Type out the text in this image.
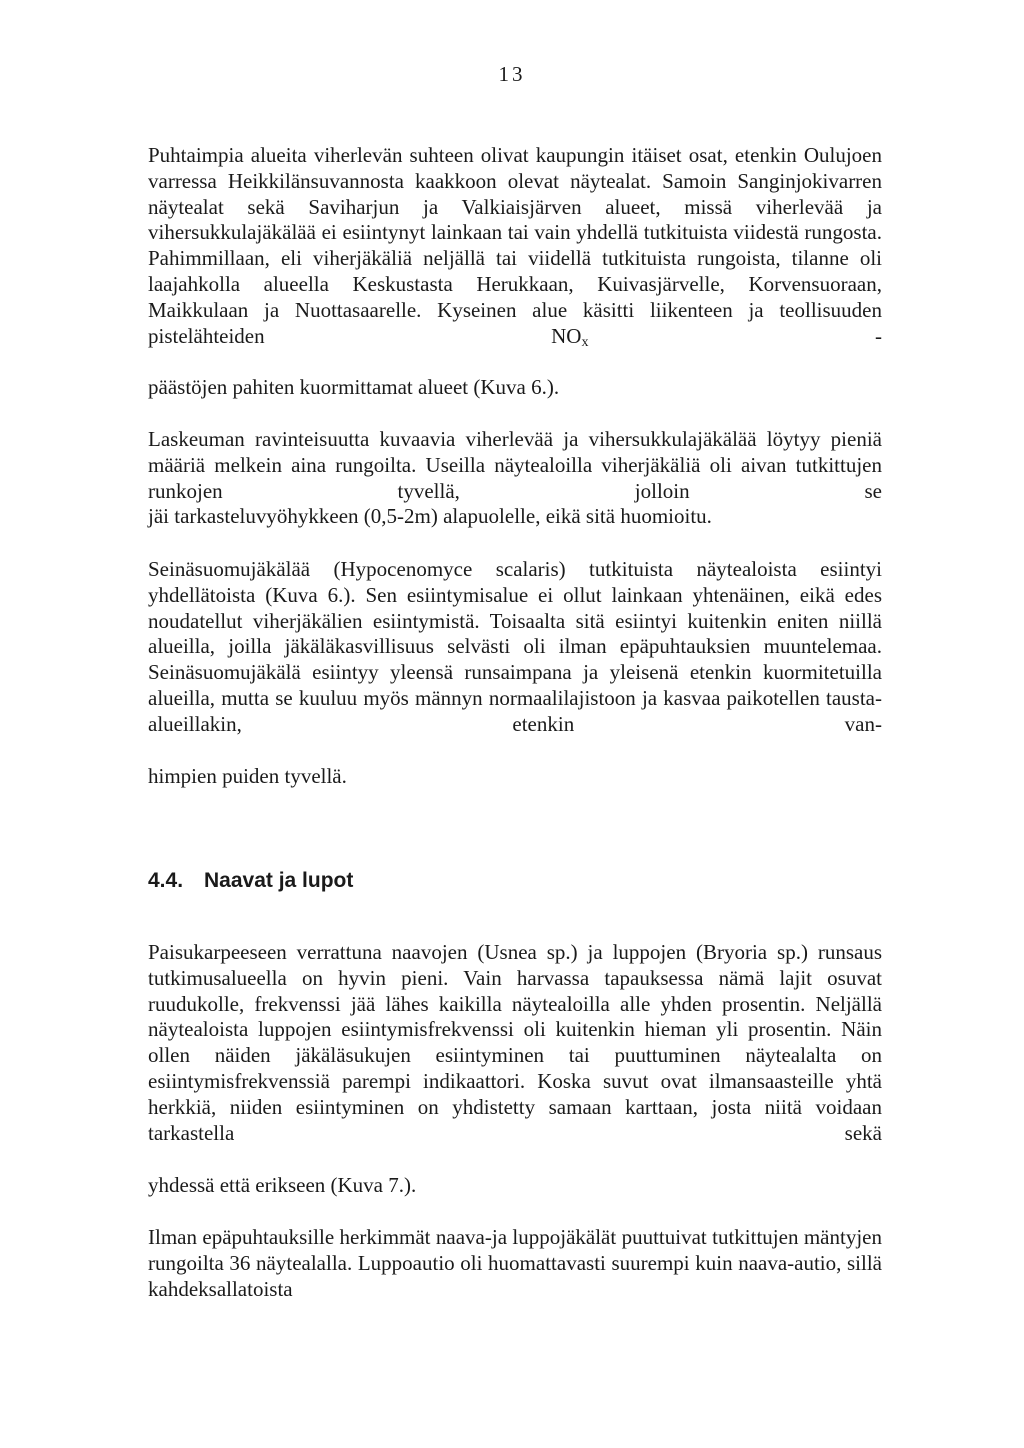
13

Puhtaimpia alueita viherlevän suhteen olivat kaupungin itäiset osat, etenkin Oulujoen varressa Heikkilänsuvannosta kaakkoon olevat näytealat. Samoin Sanginjokivarren näytealat sekä Saviharjun ja Valkiaisjärven alueet, missä viherlevää ja vihersukkulajäkälää ei esiintynyt lainkaan tai vain yhdellä tutkituista viidestä rungosta. Pahimmillaan, eli viherjäkäliä neljällä tai viidellä tutkituista rungoista, tilanne oli laajahkolla alueella Keskustasta Herukkaan, Kuivasjärvelle, Korvensuoraan, Maikkulaan ja Nuottasaarelle. Kyseinen alue käsitti liikenteen ja teollisuuden pistelähteiden $NO_x$ -

päästöjen pahiten kuormittamat alueet (Kuva 6.).

Laskeuman ravinteisuutta kuvaavia viherlevää ja vihersukkulajäkälää löytyy pieniä määriä melkein aina rungoilta. Useilla näytealoilla viherjäkäliä oli aivan tutkittujen runkojen tyvellä, jolloin se

jäi tarkasteluvyöhykkeen (0,5-2m) alapuolelle, eikä sitä huomioitu.

Seinäsuomujäkälää (Hypocenomyce scalaris) tutkituista näytealoista esiintyi yhdellätoista (Kuva 6.). Sen esiintymisalue ei ollut lainkaan yhtenäinen, eikä edes noudatellut viherjäkälien esiintymistä. Toisaalta sitä esiintyi kuitenkin eniten niillä alueilla, joilla jäkäläkasvillisuus selvästi oli ilman epäpuhtauksien muuntelemaa. Seinäsuomujäkälä esiintyy yleensä runsaimpana ja yleisenä etenkin kuormitetuilla alueilla, mutta se kuuluu myös männyn normaalilajistoon ja kasvaa paikotellen tausta-alueillakin, etenkin van-

himpien puiden tyvellä.

4.4. Naavat ja lupot

Paisukarpeeseen verrattuna naavojen (Usnea sp.) ja luppojen (Bryoria sp.) runsaus tutkimusalueella on hyvin pieni. Vain harvassa tapauksessa nämä lajit osuvat ruudukolle, frekvenssi jää lähes kaikilla näytealoilla alle yhden prosentin. Neljällä näytealoista luppojen esiintymisfrekvenssi oli kuitenkin hieman yli prosentin. Näin ollen näiden jäkäläsukujen esiintyminen tai puuttuminen näytealalta on esiintymisfrekvenssiä parempi indikaattori. Koska suvut ovat ilmansaasteille yhtä herkkiä, niiden esiintyminen on yhdistetty samaan karttaan, josta niitä voidaan tarkastella sekä

yhdessä että erikseen (Kuva 7.).

Ilman epäpuhtauksille herkimmät naava-ja luppojäkälät puuttuivat tutkittujen mäntyjen rungoilta 36 näytealalla. Luppoautio oli huomattavasti suurempi kuin naava-autio, sillä kahdeksallatoista
